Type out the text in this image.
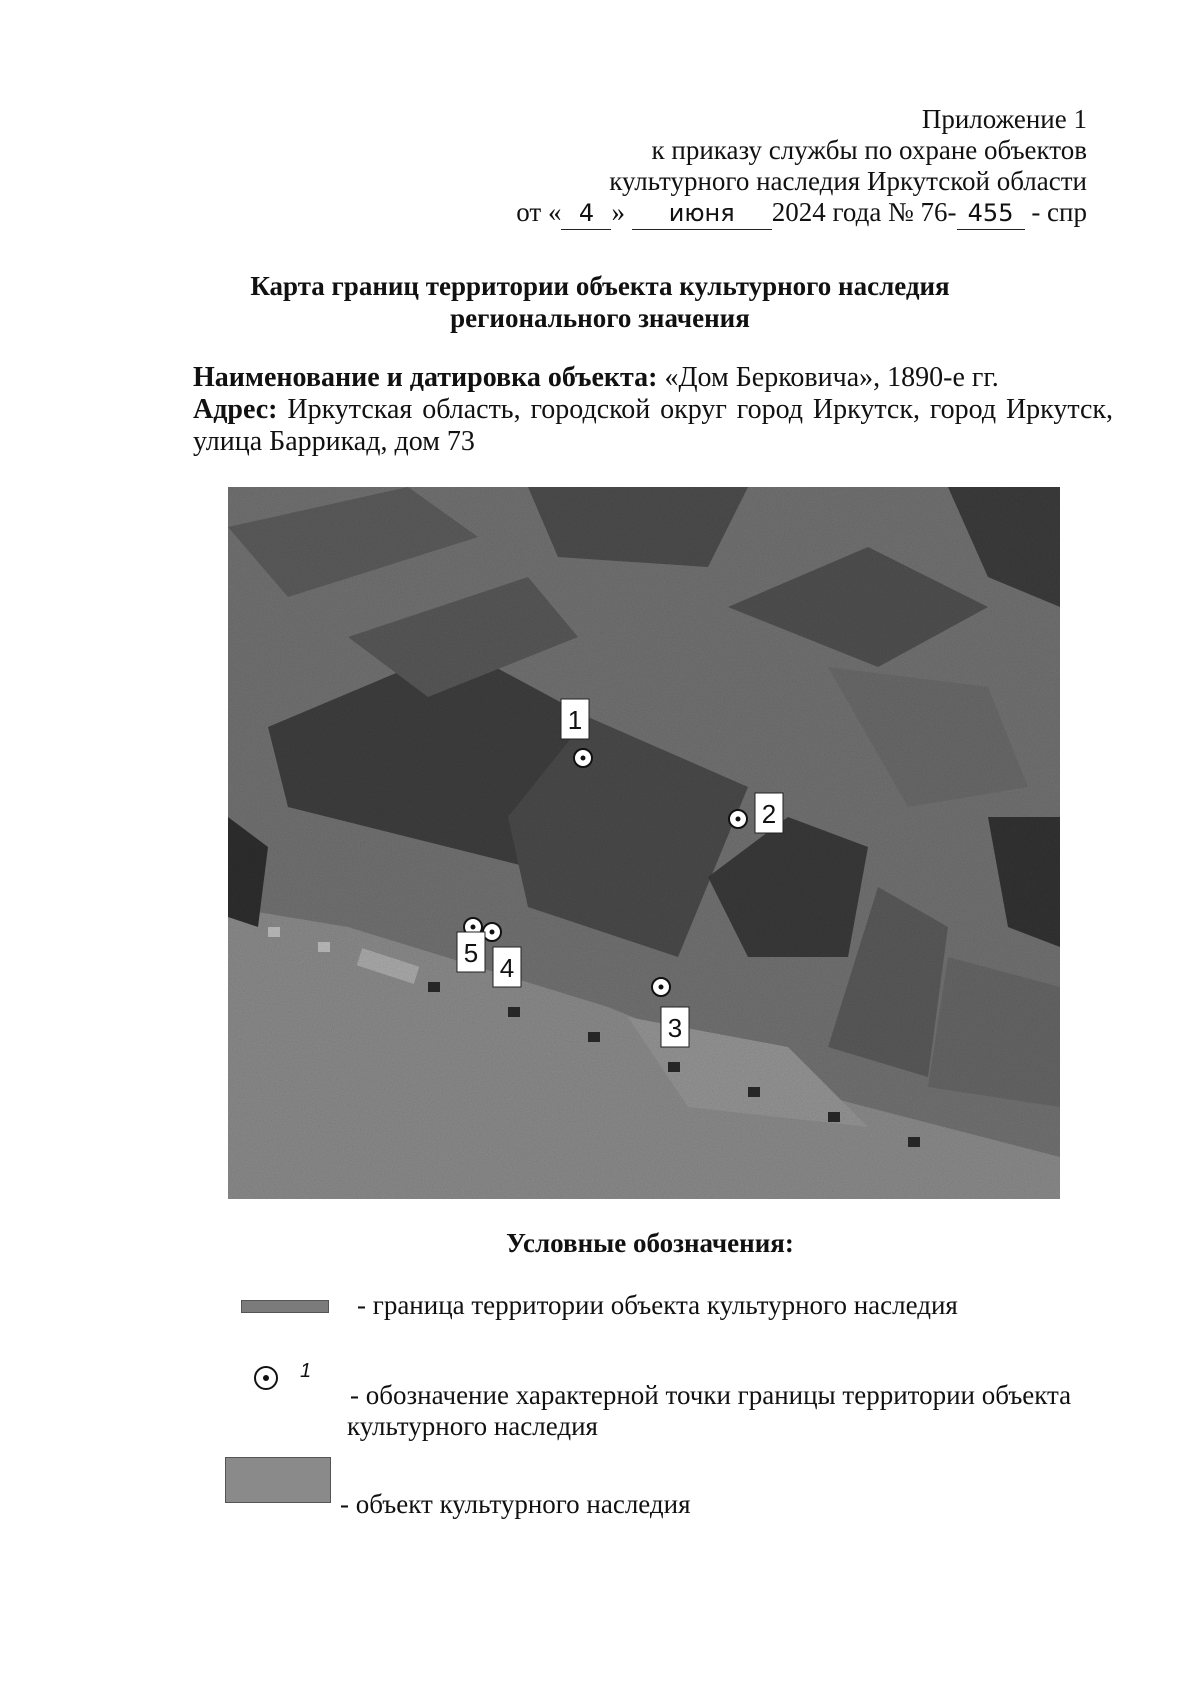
Приложение 1
к приказу службы по охране объектов
культурного наследия Иркутской области
от « 4 » июня 2024 года № 76- 455 - спр
Карта границ территории объекта культурного наследия
регионального значения
Наименование и датировка объекта: «Дом Берковича», 1890-е гг.
Адрес: Иркутская область, городской округ город Иркутск, город Иркутск,
улица Баррикад, дом 73
1
2
3
4
5
Условные обозначения:
- граница территории объекта культурного наследия
1
- обозначение характерной точки границы территории объекта
культурного наследия
- объект культурного наследия
